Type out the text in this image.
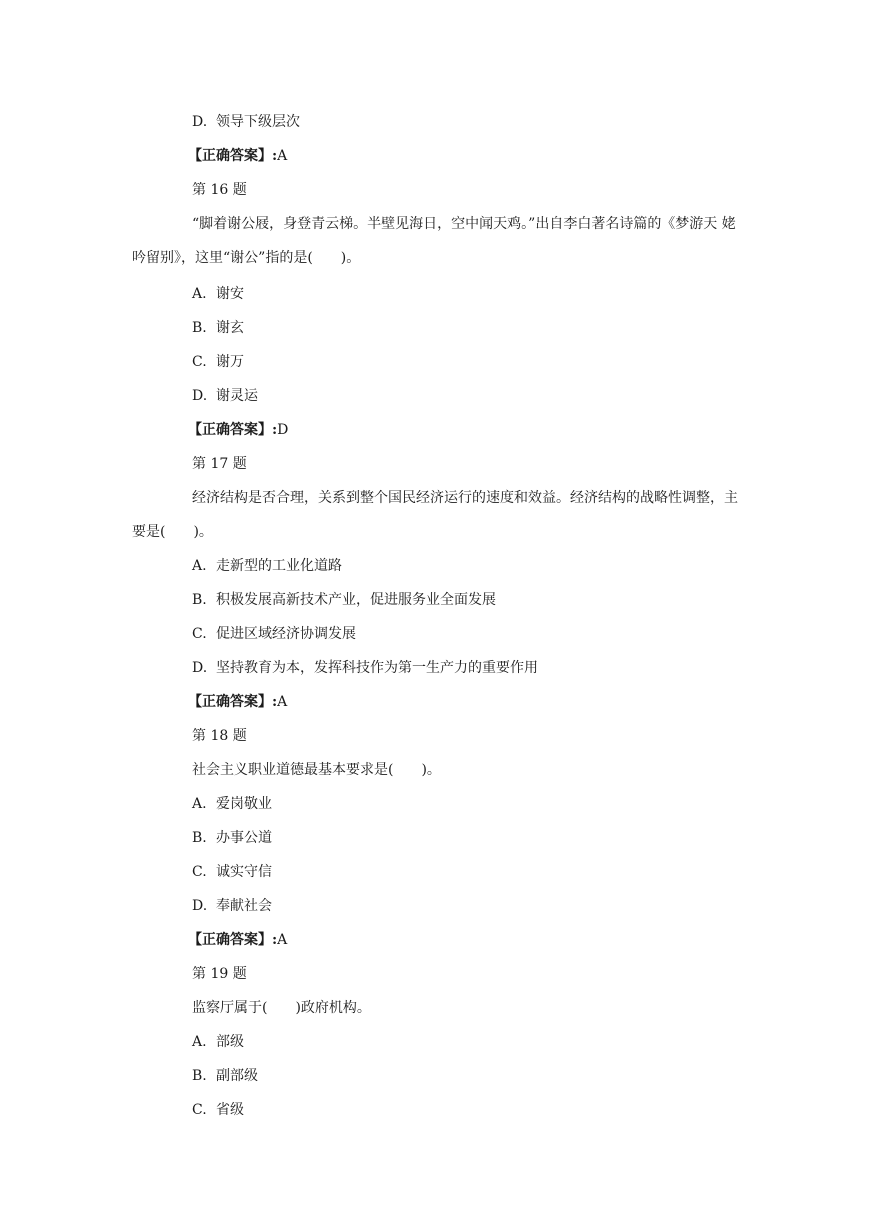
D. 领导下级层次
【正确答案】:A
第 16 题
“脚着谢公屐，身登青云梯。半壁见海日，空中闻天鸡。”出自李白著名诗篇的《梦游天 姥吟留别》，这里“谢公”指的是(　　)。
A. 谢安
B. 谢玄
C. 谢万
D. 谢灵运
【正确答案】:D
第 17 题
经济结构是否合理，关系到整个国民经济运行的速度和效益。经济结构的战略性调整，主要是(　　)。
A. 走新型的工业化道路
B. 积极发展高新技术产业，促进服务业全面发展
C. 促进区域经济协调发展
D. 坚持教育为本，发挥科技作为第一生产力的重要作用
【正确答案】:A
第 18 题
社会主义职业道德最基本要求是(　　)。
A. 爱岗敬业
B. 办事公道
C. 诚实守信
D. 奉献社会
【正确答案】:A
第 19 题
监察厅属于(　　)政府机构。
A. 部级
B. 副部级
C. 省级
